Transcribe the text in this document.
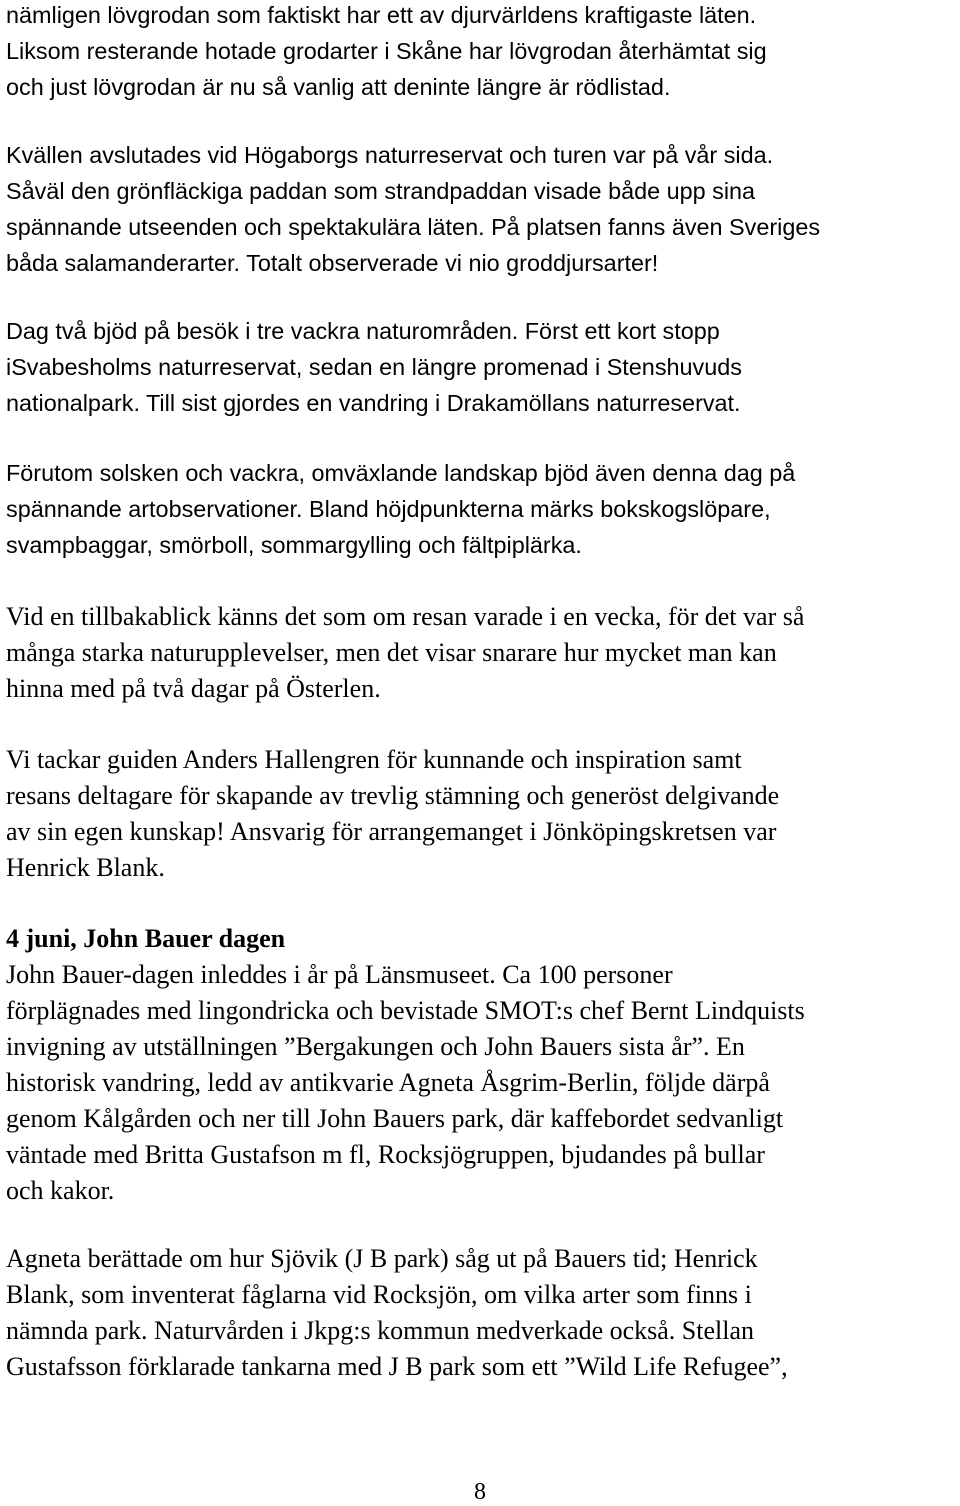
nämligen lövgrodan som faktiskt har ett av djurvärldens kraftigaste läten.
Liksom resterande hotade grodarter i Skåne har lövgrodan återhämtat sig
och just lövgrodan är nu så vanlig att deninte längre är rödlistad.
Kvällen avslutades vid Högaborgs naturreservat och turen var på vår sida.
Såväl den grönfläckiga paddan som strandpaddan visade både upp sina
spännande utseenden och spektakulära läten. På platsen fanns även Sveriges
båda salamanderarter. Totalt observerade vi nio groddjursarter!
Dag två bjöd på besök i tre vackra naturområden. Först ett kort stopp
iSvabesholms naturreservat, sedan en längre promenad i Stenshuvuds
nationalpark. Till sist gjordes en vandring i Drakamöllans naturreservat.
Förutom solsken och vackra, omväxlande landskap bjöd även denna dag på
spännande artobservationer. Bland höjdpunkterna märks bokskogslöpare,
svampbaggar, smörboll, sommargylling och fältpiplärka.
Vid en tillbakablick känns det som om resan varade i en vecka, för det var så
många starka naturupplevelser, men det visar snarare hur mycket man kan
hinna med på två dagar på Österlen.
Vi tackar guiden Anders Hallengren för kunnande och inspiration samt
resans deltagare för skapande av trevlig stämning och generöst delgivande
av sin egen kunskap! Ansvarig för arrangemanget i Jönköpingskretsen var
Henrick Blank.
4 juni, John Bauer dagen
John Bauer-dagen inleddes i år på Länsmuseet. Ca 100 personer
förplägnades med lingondricka och bevistade SMOT:s chef Bernt Lindquists
invigning av utställningen ”Bergakungen och John Bauers sista år”. En
historisk vandring, ledd av antikvarie Agneta Åsgrim-Berlin, följde därpå
genom Kålgården och ner till John Bauers park, där kaffebordet sedvanligt
väntade med Britta Gustafson m fl, Rocksjögruppen, bjudandes på bullar
och kakor.
Agneta berättade om hur Sjövik (J B park) såg ut på Bauers tid; Henrick
Blank, som inventerat fåglarna vid Rocksjön, om vilka arter som finns i
nämnda park. Naturvården i Jkpg:s kommun medverkade också. Stellan
Gustafsson förklarade tankarna med J B park som ett ”Wild Life Refugee”,
8
